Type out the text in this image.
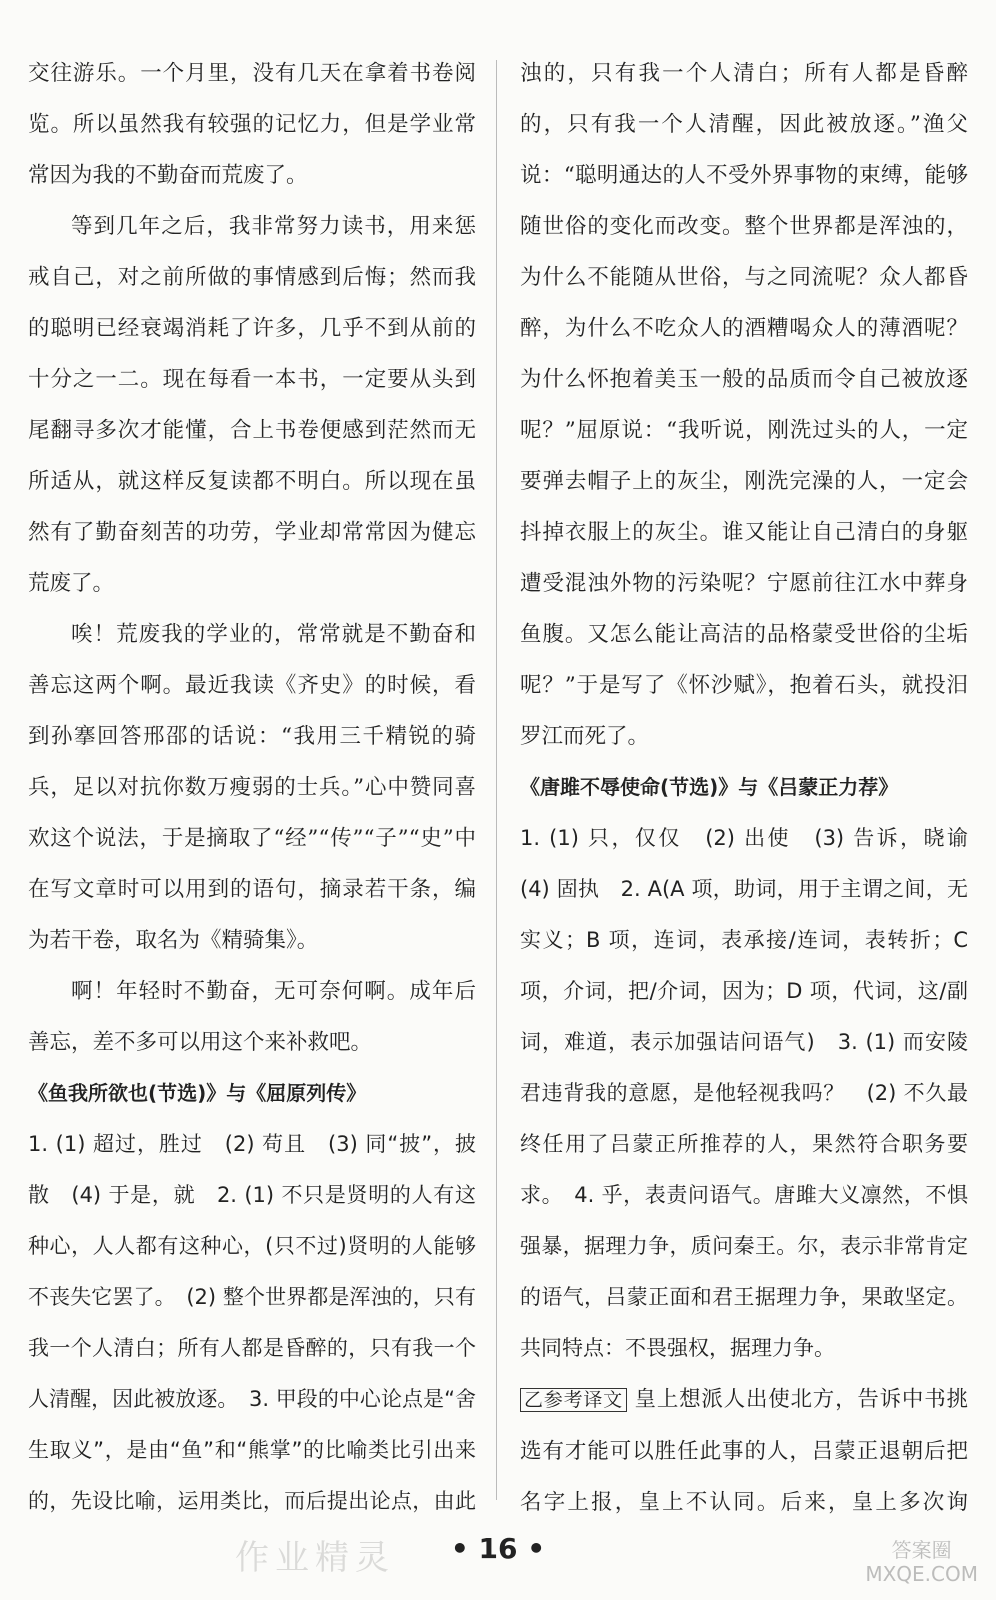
交往游乐。一个月里，没有几天在拿着书卷阅览。所以虽然我有较强的记忆力，但是学业常常因为我的不勤奋而荒废了。

等到几年之后，我非常努力读书，用来惩戒自己，对之前所做的事情感到后悔；然而我的聪明已经衰竭消耗了许多，几乎不到从前的十分之一二。现在每看一本书，一定要从头到尾翻寻多次才能懂，合上书卷便感到茫然而无所适从，就这样反复读都不明白。所以现在虽然有了勤奋刻苦的功劳，学业却常常因为健忘荒废了。

唉！荒废我的学业的，常常就是不勤奋和善忘这两个啊。最近我读《齐史》的时候，看到孙搴回答邢邵的话说：“我用三千精锐的骑兵，足以对抗你数万瘦弱的士兵。”心中赞同喜欢这个说法，于是摘取了“经”“传”“子”“史”中在写文章时可以用到的语句，摘录若干条，编为若干卷，取名为《精骑集》。

啊！年轻时不勤奋，无可奈何啊。成年后善忘，差不多可以用这个来补救吧。

《鱼我所欲也(节选)》与《屈原列传》

1. (1) 超过，胜过　(2) 苟且　(3) 同“披”，披散　(4) 于是，就　2. (1) 不只是贤明的人有这种心，人人都有这种心，(只不过)贤明的人能够不丧失它罢了。　(2) 整个世界都是浑浊的，只有我一个人清白；所有人都是昏醉的，只有我一个人清醒，因此被放逐。　3. 甲段的中心论点是“舍生取义”，是由“鱼”和“熊掌”的比喻类比引出来的，先设比喻，运用类比，而后提出论点，由此　 　

浊的，只有我一个人清白；所有人都是昏醉的，只有我一个人清醒，因此被放逐。”渔父说：“聪明通达的人不受外界事物的束缚，能够随世俗的变化而改变。整个世界都是浑浊的，为什么不能随从世俗，与之同流呢？众人都昏醉，为什么不吃众人的酒糟喝众人的薄酒呢？为什么怀抱着美玉一般的品质而令自己被放逐呢？”屈原说：“我听说，刚洗过头的人，一定要弹去帽子上的灰尘，刚洗完澡的人，一定会抖掉衣服上的灰尘。谁又能让自己清白的身躯遭受混浊外物的污染呢？宁愿前往江水中葬身鱼腹。又怎么能让高洁的品格蒙受世俗的尘垢呢？”于是写了《怀沙赋》，抱着石头，就投汨罗江而死了。

《唐雎不辱使命(节选)》与《吕蒙正力荐》

1. (1) 只，仅仅　(2) 出使　(3) 告诉，晓谕　(4) 固执　2. A(A 项，助词，用于主谓之间，无实义；B 项，连词，表承接/连词，表转折；C 项，介词，把/介词，因为；D 项，代词，这/副词，难道，表示加强诘问语气)　3. (1) 而安陵君违背我的意愿，是他轻视我吗？　(2) 不久最终任用了吕蒙正所推荐的人，果然符合职务要求。　4. 乎，表责问语气。唐雎大义凛然，不惧强暴，据理力争，质问秦王。尔，表示非常肯定的语气，吕蒙正面和君王据理力争，果敢坚定。共同特点：不畏强权，据理力争。

乙参考译文 皇上想派人出使北方，告诉中书挑选有才能可以胜任此事的人，吕蒙正退朝后把名字上报，皇上不认同。后来，皇上多次询

• 16 •
作业精灵	答案圈
MXQE.COM
